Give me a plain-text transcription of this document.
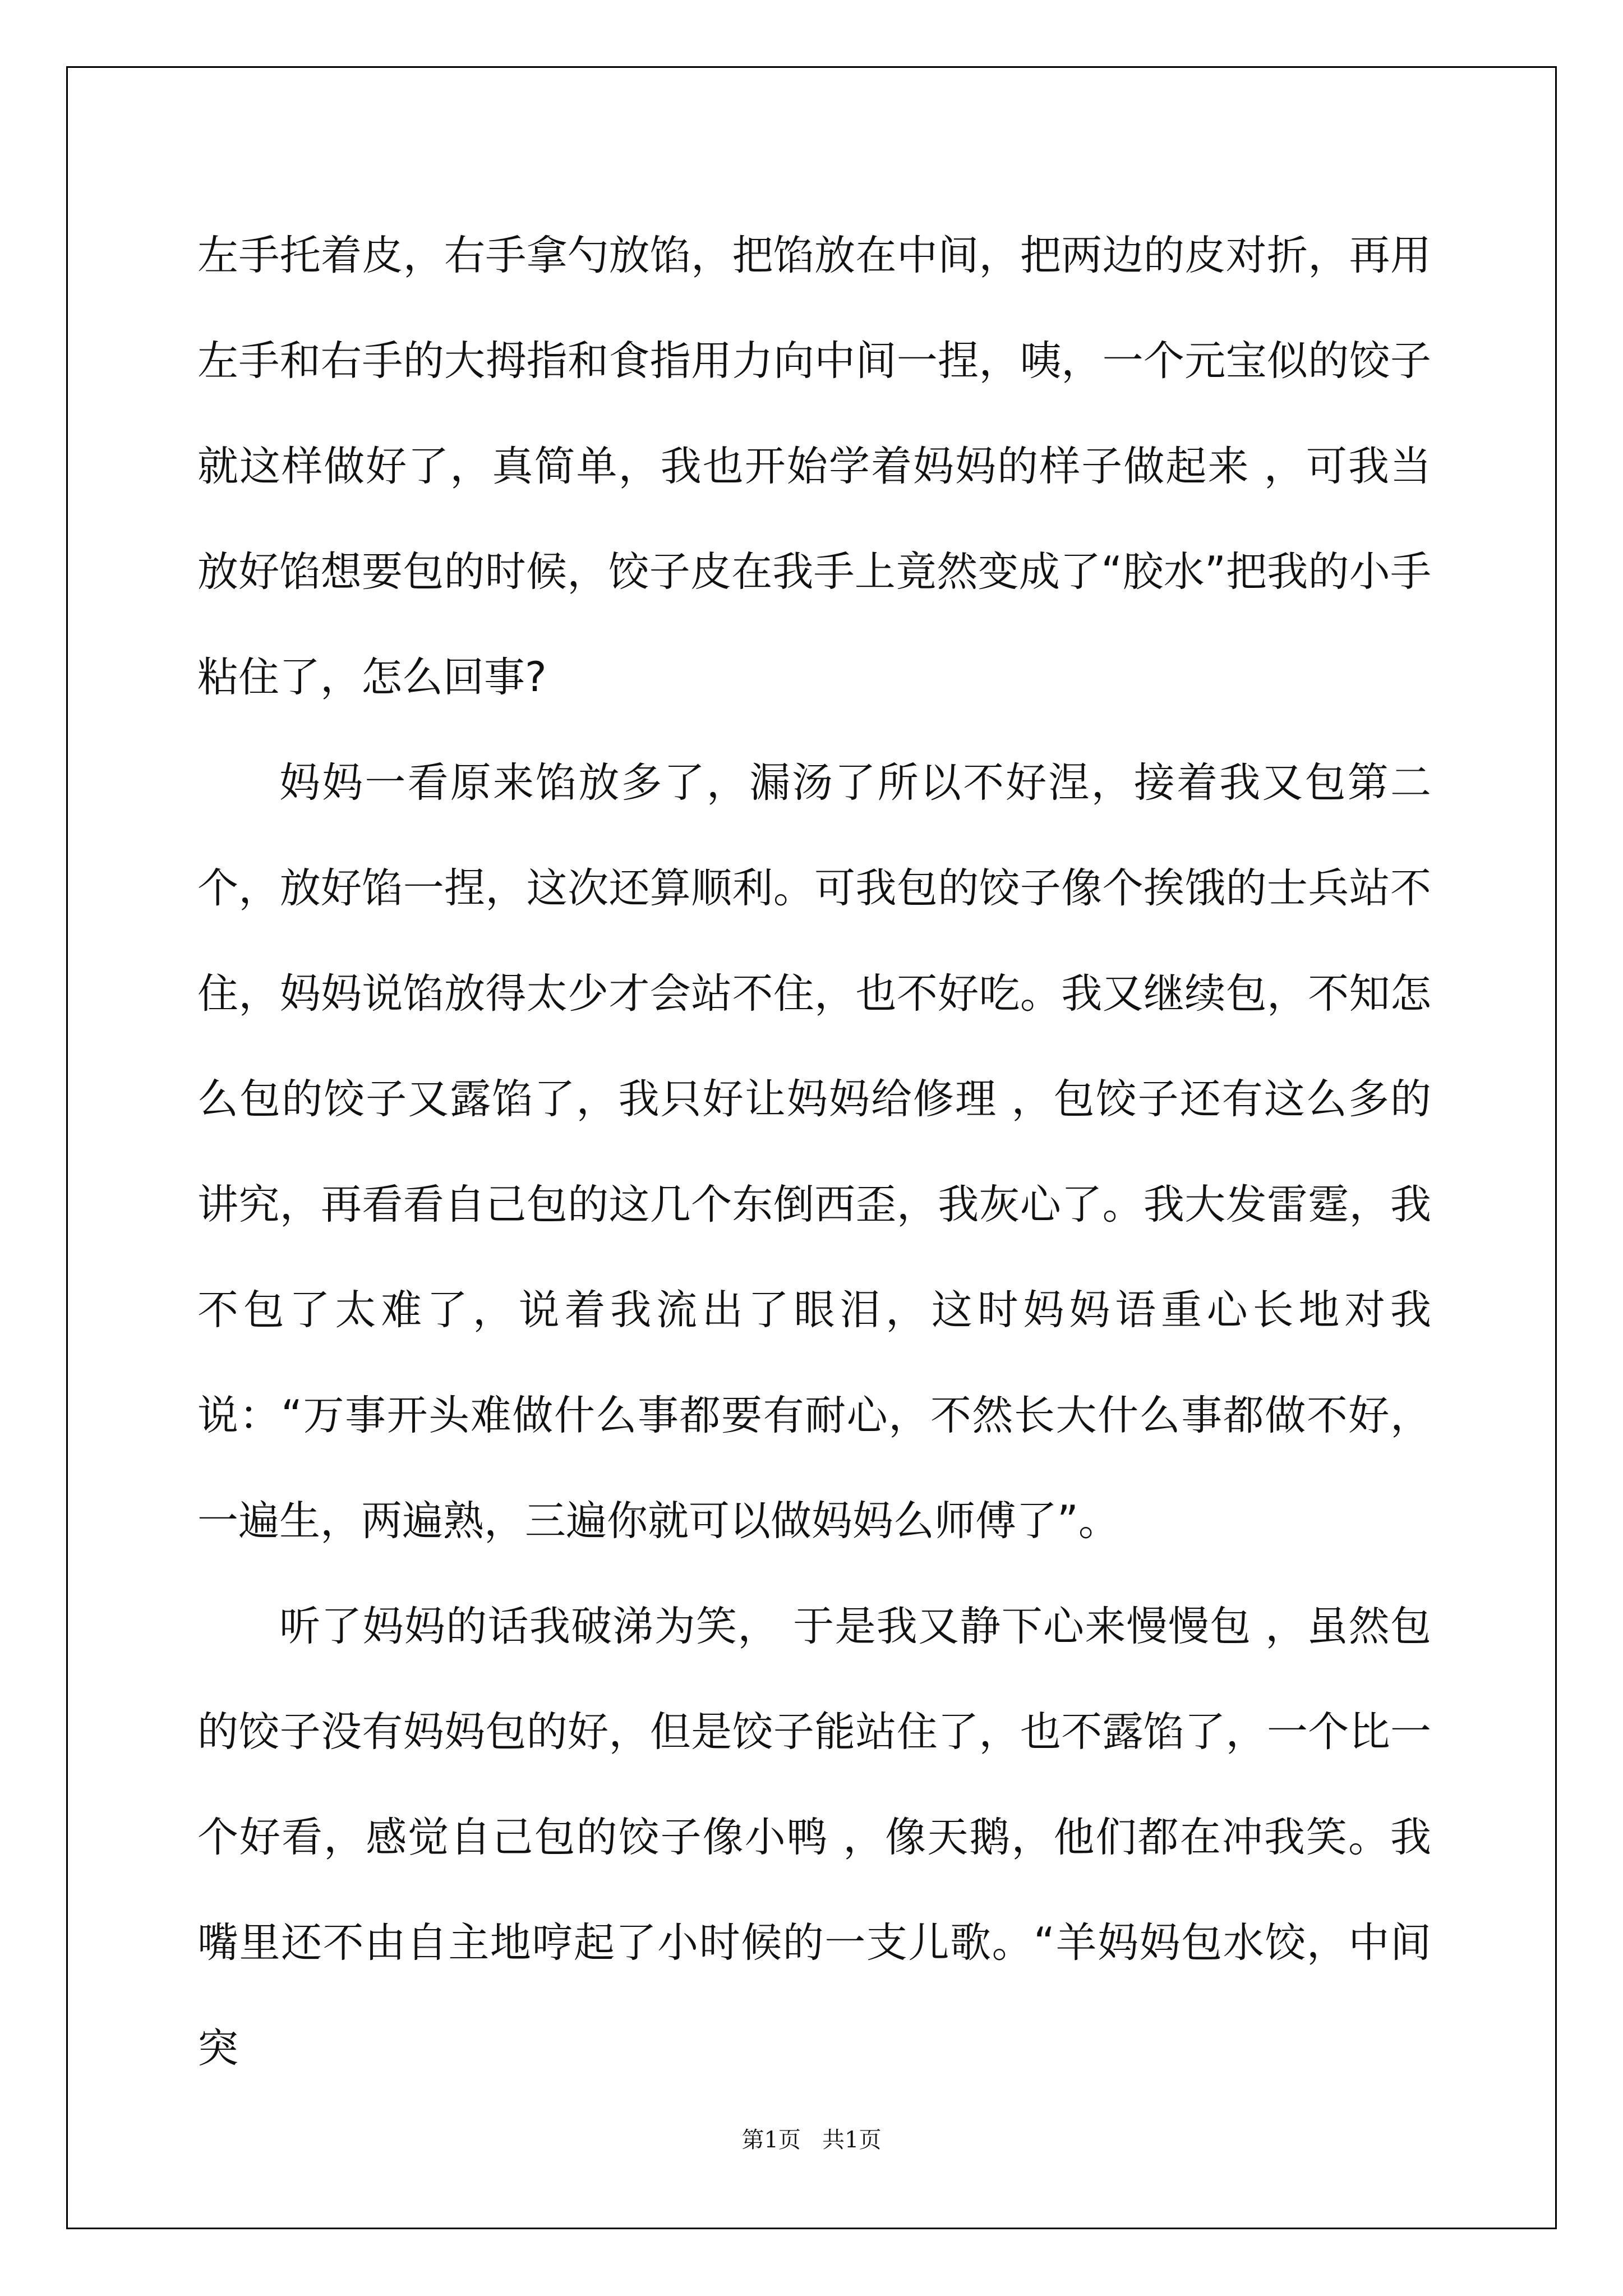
左手托着皮，右手拿勺放馅，把馅放在中间，把两边的皮对折，再用左手和右手的大拇指和食指用力向中间一捏，咦，一个元宝似的饺子就这样做好了，真简单，我也开始学着妈妈的样子做起来 ，可我当放好馅想要包的时候，饺子皮在我手上竟然变成了“胶水”把我的小手粘住了，怎么回事?

妈妈一看原来馅放多了，漏汤了所以不好涅，接着我又包第二个，放好馅一捏，这次还算顺利。可我包的饺子像个挨饿的士兵站不住，妈妈说馅放得太少才会站不住，也不好吃。我又继续包，不知怎么包的饺子又露馅了，我只好让妈妈给修理 ，包饺子还有这么多的讲究，再看看自己包的这几个东倒西歪，我灰心了。我大发雷霆，我不包了太难了，说着我流出了眼泪，这时妈妈语重心长地对我说：“万事开头难做什么事都要有耐心，不然长大什么事都做不好，一遍生，两遍熟，三遍你就可以做妈妈么师傅了”。

听了妈妈的话我破涕为笑， 于是我又静下心来慢慢包 ，虽然包的饺子没有妈妈包的好，但是饺子能站住了，也不露馅了，一个比一个好看，感觉自己包的饺子像小鸭 ，像天鹅，他们都在冲我笑。我嘴里还不由自主地哼起了小时候的一支儿歌。“羊妈妈包水饺，中间突

第1页   共1页
